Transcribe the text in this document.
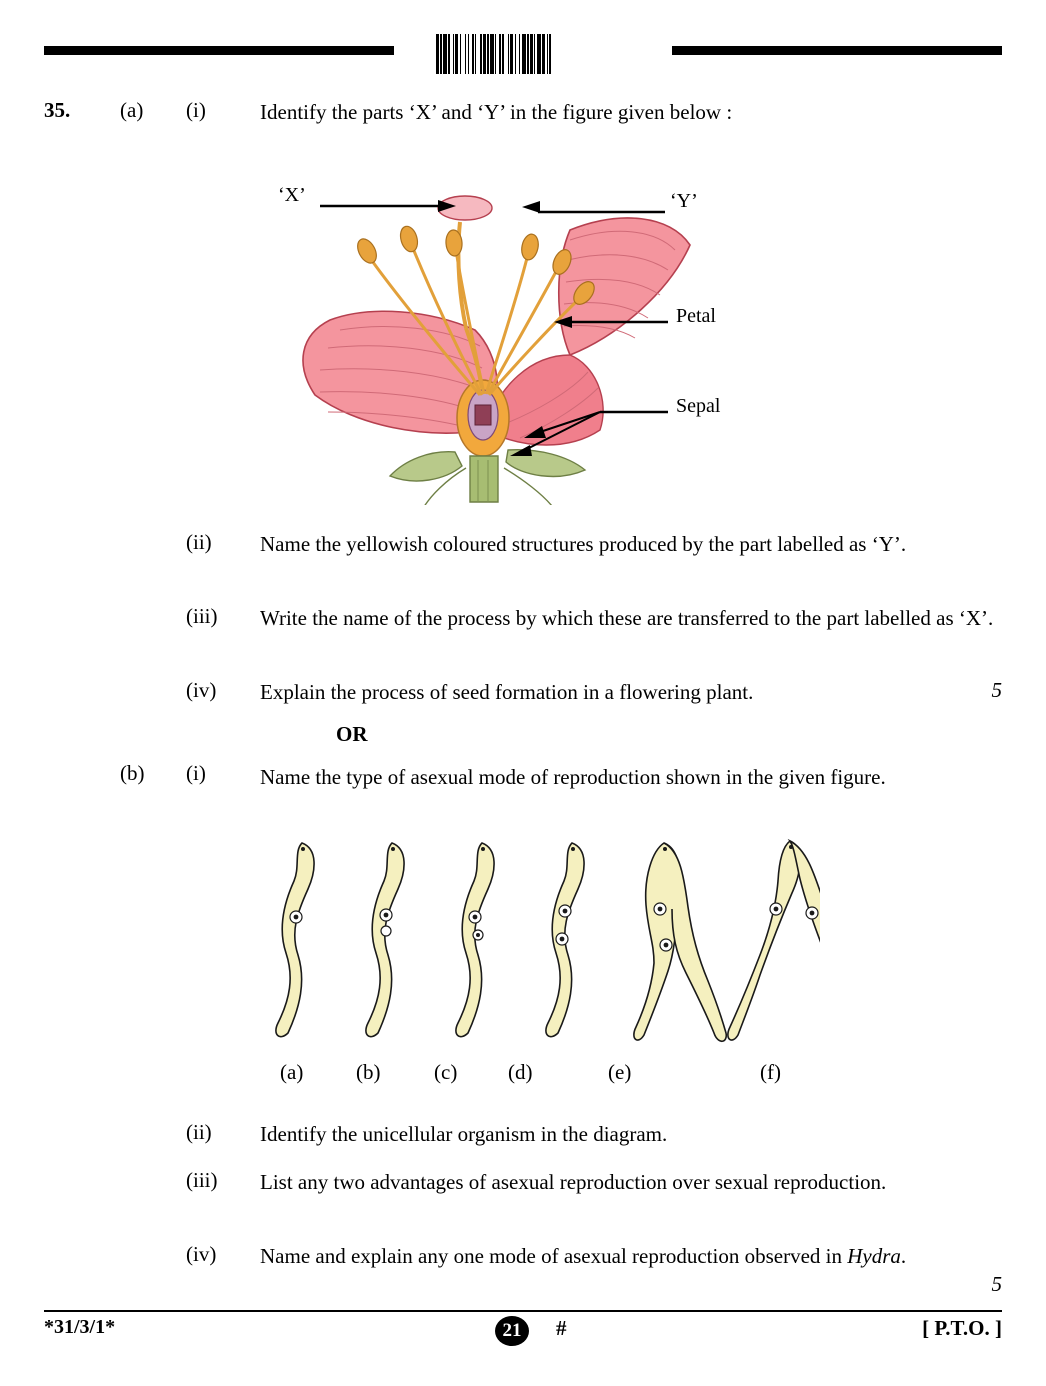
35. (a) (i)	Identify the parts ‘X’ and ‘Y’ in the figure given below :
‘X’	‘Y’
Petal
Sepal
(ii) Name the yellowish coloured structures produced by the part labelled as ‘Y’.
(iii) Write the name of the process by which these are transferred to the part labelled as ‘X’.
(iv) Explain the process of seed formation in a flowering plant.	5
OR
(b) (i)	Name the type of asexual mode of reproduction shown in the given figure.
(a)	(b)	(c) (d)	(e)	(f)
(ii) Identify the unicellular organism in the diagram.
(iii) List any two advantages of asexual reproduction over sexual reproduction.
(iv) Name and explain any one mode of asexual reproduction observed in Hydra.
5
*31/3/1*	21	#	[ P.T.O. ]
